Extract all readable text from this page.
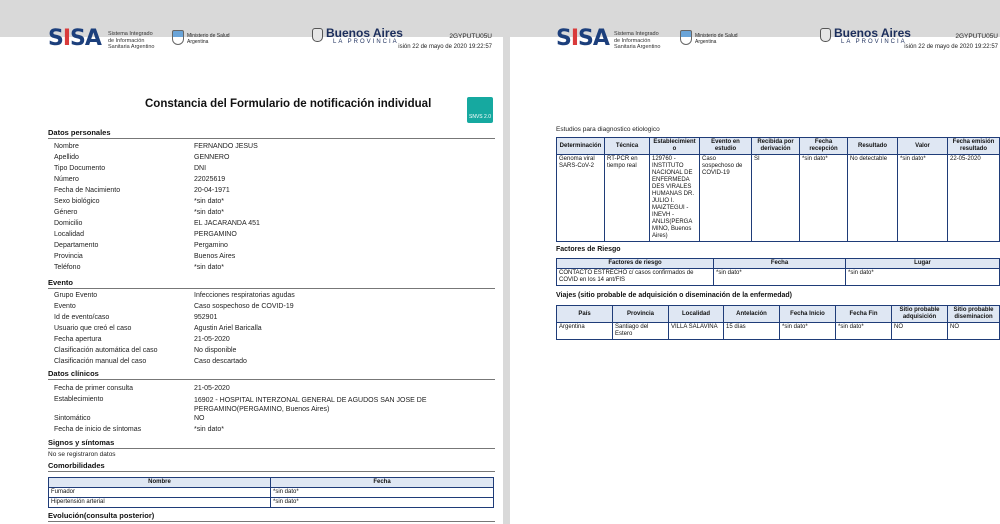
SISA Sistema Integrado
de Información
Sanitaria Argentino
Ministerio de Salud
Argentina
Buenos Aires
LA PROVINCIA
2GYPUTU05U
isión 22 de mayo de 2020 19:22:57
Constancia del Formulario de notificación individual
SNVS 2.0
Datos personales
Nombre	FERNANDO JESUS
Apellido	GENNERO
Tipo Documento	DNI
Número	22025619
Fecha de Nacimiento	20-04-1971
Sexo biológico	*sin dato*
Género	*sin dato*
Domicilio	EL JACARANDA 451
Localidad	PERGAMINO
Departamento	Pergamino
Provincia	Buenos Aires
Teléfono	*sin dato*
Evento
Grupo Evento	Infecciones respiratorias agudas
Evento	Caso sospechoso de COVID-19
Id de evento/caso	952901
Usuario que creó el caso	Agustin Ariel Baricalla
Fecha apertura	21-05-2020
Clasificación automática del caso	No disponible
Clasificación manual del caso	Caso descartado
Datos clínicos
Fecha de primer consulta	21-05-2020
Establecimiento	16902 - HOSPITAL INTERZONAL GENERAL DE AGUDOS SAN JOSE DE PERGAMINO(PERGAMINO, Buenos Aires)
Sintomático	NO
Fecha de inicio de síntomas	*sin dato*
Signos y síntomas
No se registraron datos
Comorbilidades
Nombre	Fecha
Fumador	*sin dato*
Hipertensión arterial	*sin dato*
Evolución(consulta posterior)
SISA Sistema Integrado
de Información
Sanitaria Argentino
Ministerio de Salud
Argentina
Buenos Aires
LA PROVINCIA
2GYPUTU05U
isión 22 de mayo de 2020 19:22:57
Estudios para diagnostico etiologico
Determinación	Técnica	Establecimient o	Evento en estudio	Recibida por derivación	Fecha recepción	Resultado	Valor	Fecha emisión resultado
Genoma viral SARS-CoV-2	RT-PCR en tiempo real	129760 - INSTITUTO NACIONAL DE ENFERMEDA DES VIRALES HUMANAS DR. JULIO I. MAIZTEGUI - INEVH - ANLIS(PERGA MINO, Buenos Aires)	Caso sospechoso de COVID-19	SI	*sin dato*	No detectable	*sin dato*	22-05-2020
Factores de Riesgo
Factores de riesgo	Fecha	Lugar
CONTACTO ESTRECHO c/ casos confirmados de COVID en los 14 ant/FIS	*sin dato*	*sin dato*
Viajes (sitio probable de adquisición o diseminación de la enfermedad)
País	Provincia	Localidad	Antelación	Fecha Inicio	Fecha Fin	Sitio probable adquisición	Sitio probable diseminacion
Argentina	Santiago del Estero	VILLA SALAVINA	15 días	*sin dato*	*sin dato*	NO	NO
